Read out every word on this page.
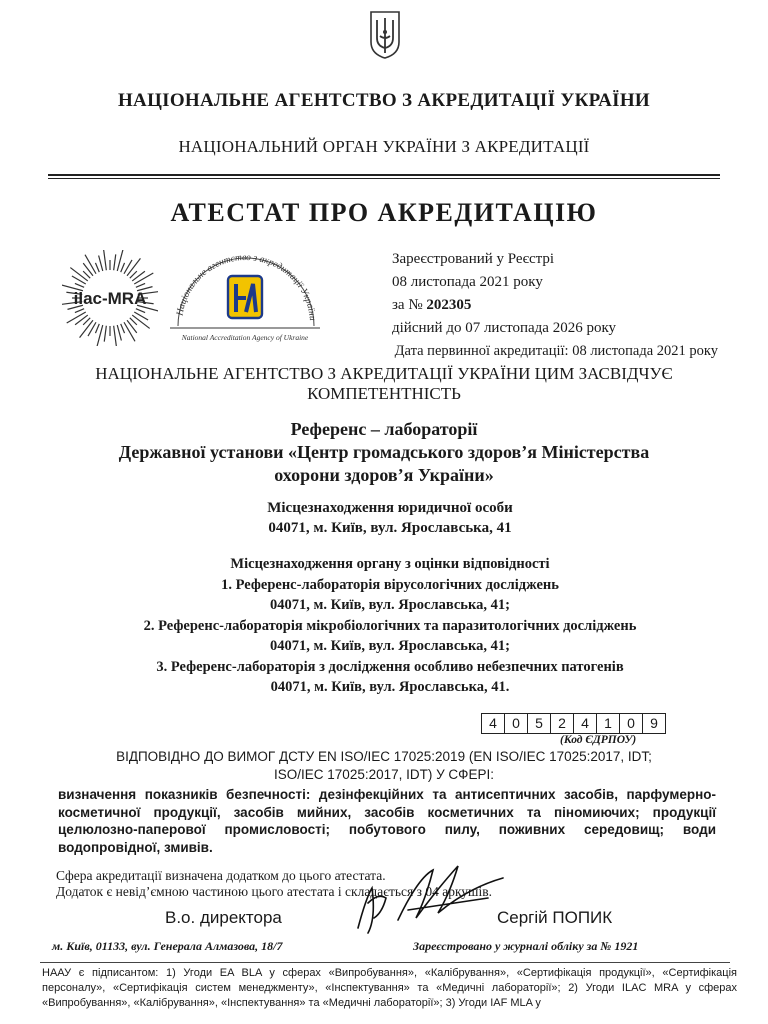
НАЦІОНАЛЬНЕ АГЕНТСТВО З АКРЕДИТАЦІЇ УКРАЇНИ
НАЦІОНАЛЬНИЙ ОРГАН УКРАЇНИ З АКРЕДИТАЦІЇ
АТЕСТАТ ПРО АКРЕДИТАЦІЮ
ilac-MRA
Національне агентство з акредитації України
National Accreditation Agency of Ukraine
Зареєстрований у Реєстрі
08 листопада 2021 року
за № 202305
дійсний до 07 листопада 2026 року
Дата первинної акредитації: 08 листопада 2021 року
НАЦІОНАЛЬНЕ АГЕНТСТВО З АКРЕДИТАЦІЇ УКРАЇНИ ЦИМ ЗАСВІДЧУЄ
КОМПЕТЕНТНІСТЬ
Референс – лабораторії
Державної установи «Центр громадського здоров’я Міністерства
охорони здоров’я України»
Місцезнаходження юридичної особи
04071, м. Київ, вул. Ярославська, 41
Місцезнаходження органу з оцінки відповідності
1. Референс-лабораторія вірусологічних досліджень
04071, м. Київ, вул. Ярославська, 41;
2. Референс-лабораторія мікробіологічних та паразитологічних досліджень
04071, м. Київ, вул. Ярославська, 41;
3. Референс-лабораторія з дослідження особливо небезпечних патогенів
04071, м. Київ, вул. Ярославська, 41.
4	0	5	2	4	1	0	9
(Код ЄДРПОУ)
ВІДПОВІДНО ДО ВИМОГ ДСТУ EN ISO/IEC 17025:2019 (EN ISO/IEC 17025:2017, IDT;
ISO/IEC 17025:2017, IDT) У СФЕРІ:
визначення показників безпечності: дезінфекційних та антисептичних засобів, парфумерно-косметичної продукції, засобів мийних, засобів косметичних та піномиючих; продукції целюлозно-паперової промисловості; побутового пилу, поживних середовищ; води водопровідної, змивів.
Сфера акредитації визначена додатком до цього атестата.
Додаток є невід’ємною частиною цього атестата і складається з 04 аркушів.
В.о. директора	Сергій ПОПИК
м. Київ, 01133, вул. Генерала Алмазова, 18/7	Зареєстровано у журналі обліку за № 1921
НААУ є підписантом: 1) Угоди EA BLA у сферах «Випробування», «Калібрування», «Сертифікація продукції», «Сертифікація персоналу», «Сертифікація систем менеджменту», «Інспектування» та «Медичні лабораторії»; 2) Угоди ILAC MRA у сферах «Випробування», «Калібрування», «Інспектування» та «Медичні лабораторії»; 3) Угоди IAF MLA у
